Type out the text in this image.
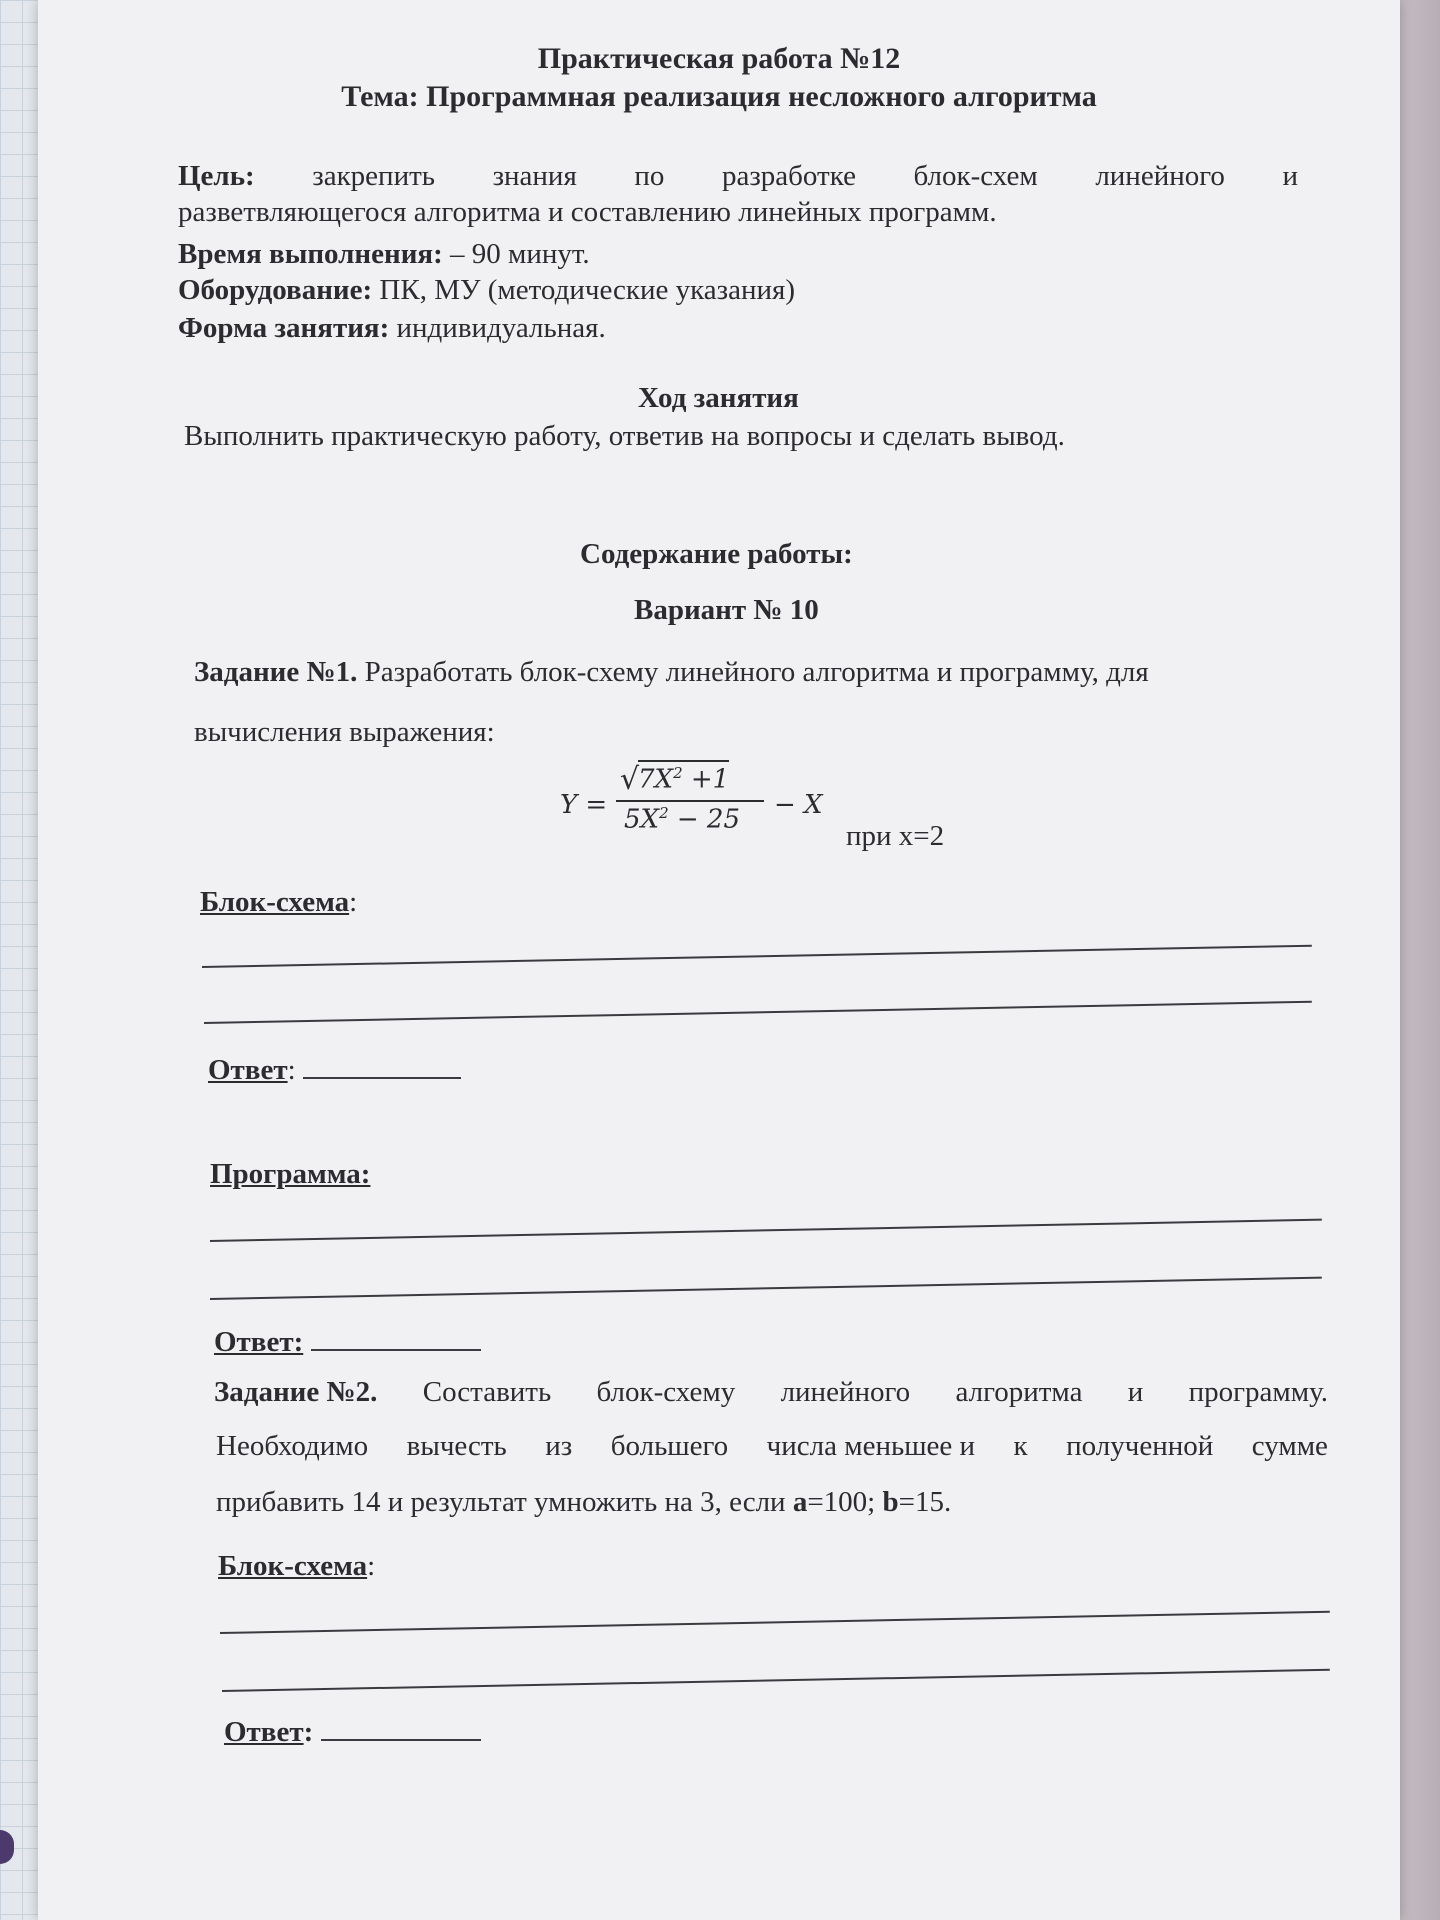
Практическая работа №12
Тема: Программная реализация несложного алгоритма
Цель: закрепить знания по разработке блок-схем линейного и
разветвляющегося алгоритма и составлению линейных программ.
Время выполнения: – 90 минут.
Оборудование: ПК, МУ (методические указания)
Форма занятия: индивидуальная.
Ход занятия
Выполнить практическую работу, ответив на вопросы и сделать вывод.
Содержание работы:
Вариант № 10
Задание №1. Разработать блок-схему линейного алгоритма и программу, для
вычисления выражения:
Y =
√
$7X^2 +1$
$5X^2 - 25$	− X
при х=2
Блок-схема:
Ответ:
Программа:
Ответ:
Задание №2. Составить блок-схему линейного алгоритма и программу.
Необходимо вычесть из большего числа меньшее и к полученной сумме
прибавить 14 и результат умножить на 3, если a=100; b=15.
Блок-схема:
Ответ:
